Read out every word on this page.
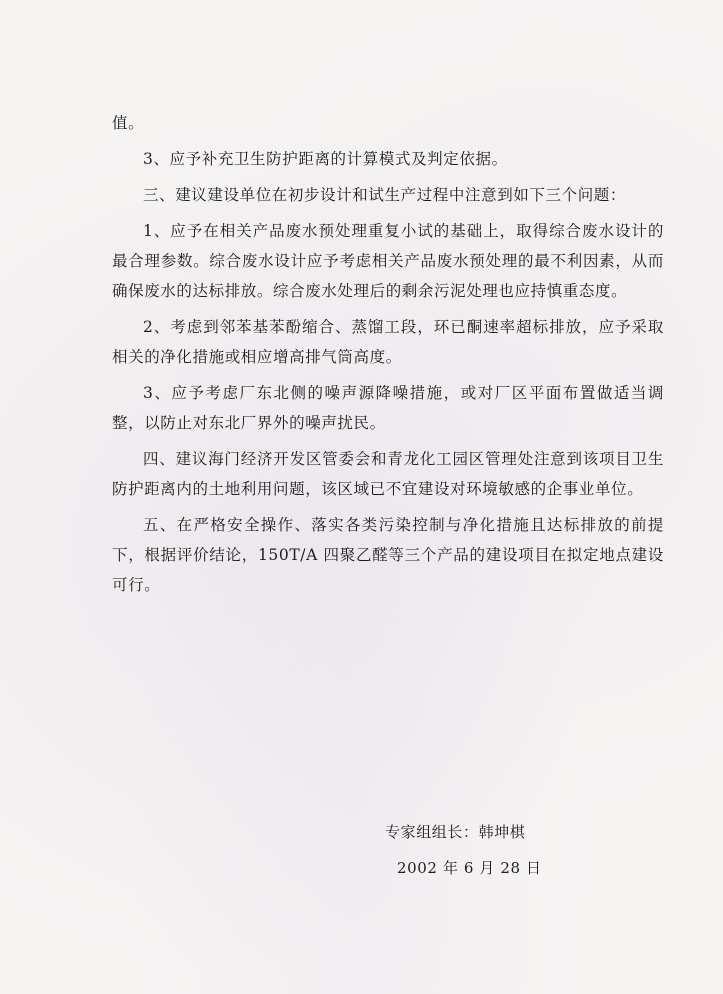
值。

3、应予补充卫生防护距离的计算模式及判定依据。

三、建议建设单位在初步设计和试生产过程中注意到如下三个问题：

1、应予在相关产品废水预处理重复小试的基础上，取得综合废水设计的最合理参数。综合废水设计应予考虑相关产品废水预处理的最不利因素，从而确保废水的达标排放。综合废水处理后的剩余污泥处理也应持慎重态度。

2、考虑到邻苯基苯酚缩合、蒸馏工段，环已酮速率超标排放，应予采取相关的净化措施或相应增高排气筒高度。

3、应予考虑厂东北侧的噪声源降噪措施，或对厂区平面布置做适当调整，以防止对东北厂界外的噪声扰民。

四、建议海门经济开发区管委会和青龙化工园区管理处注意到该项目卫生防护距离内的土地利用问题，该区域已不宜建设对环境敏感的企事业单位。

五、在严格安全操作、落实各类污染控制与净化措施且达标排放的前提下，根据评价结论，150T/A 四聚乙醛等三个产品的建设项目在拟定地点建设可行。

专家组组长：韩坤棋
2002 年 6 月 28 日
